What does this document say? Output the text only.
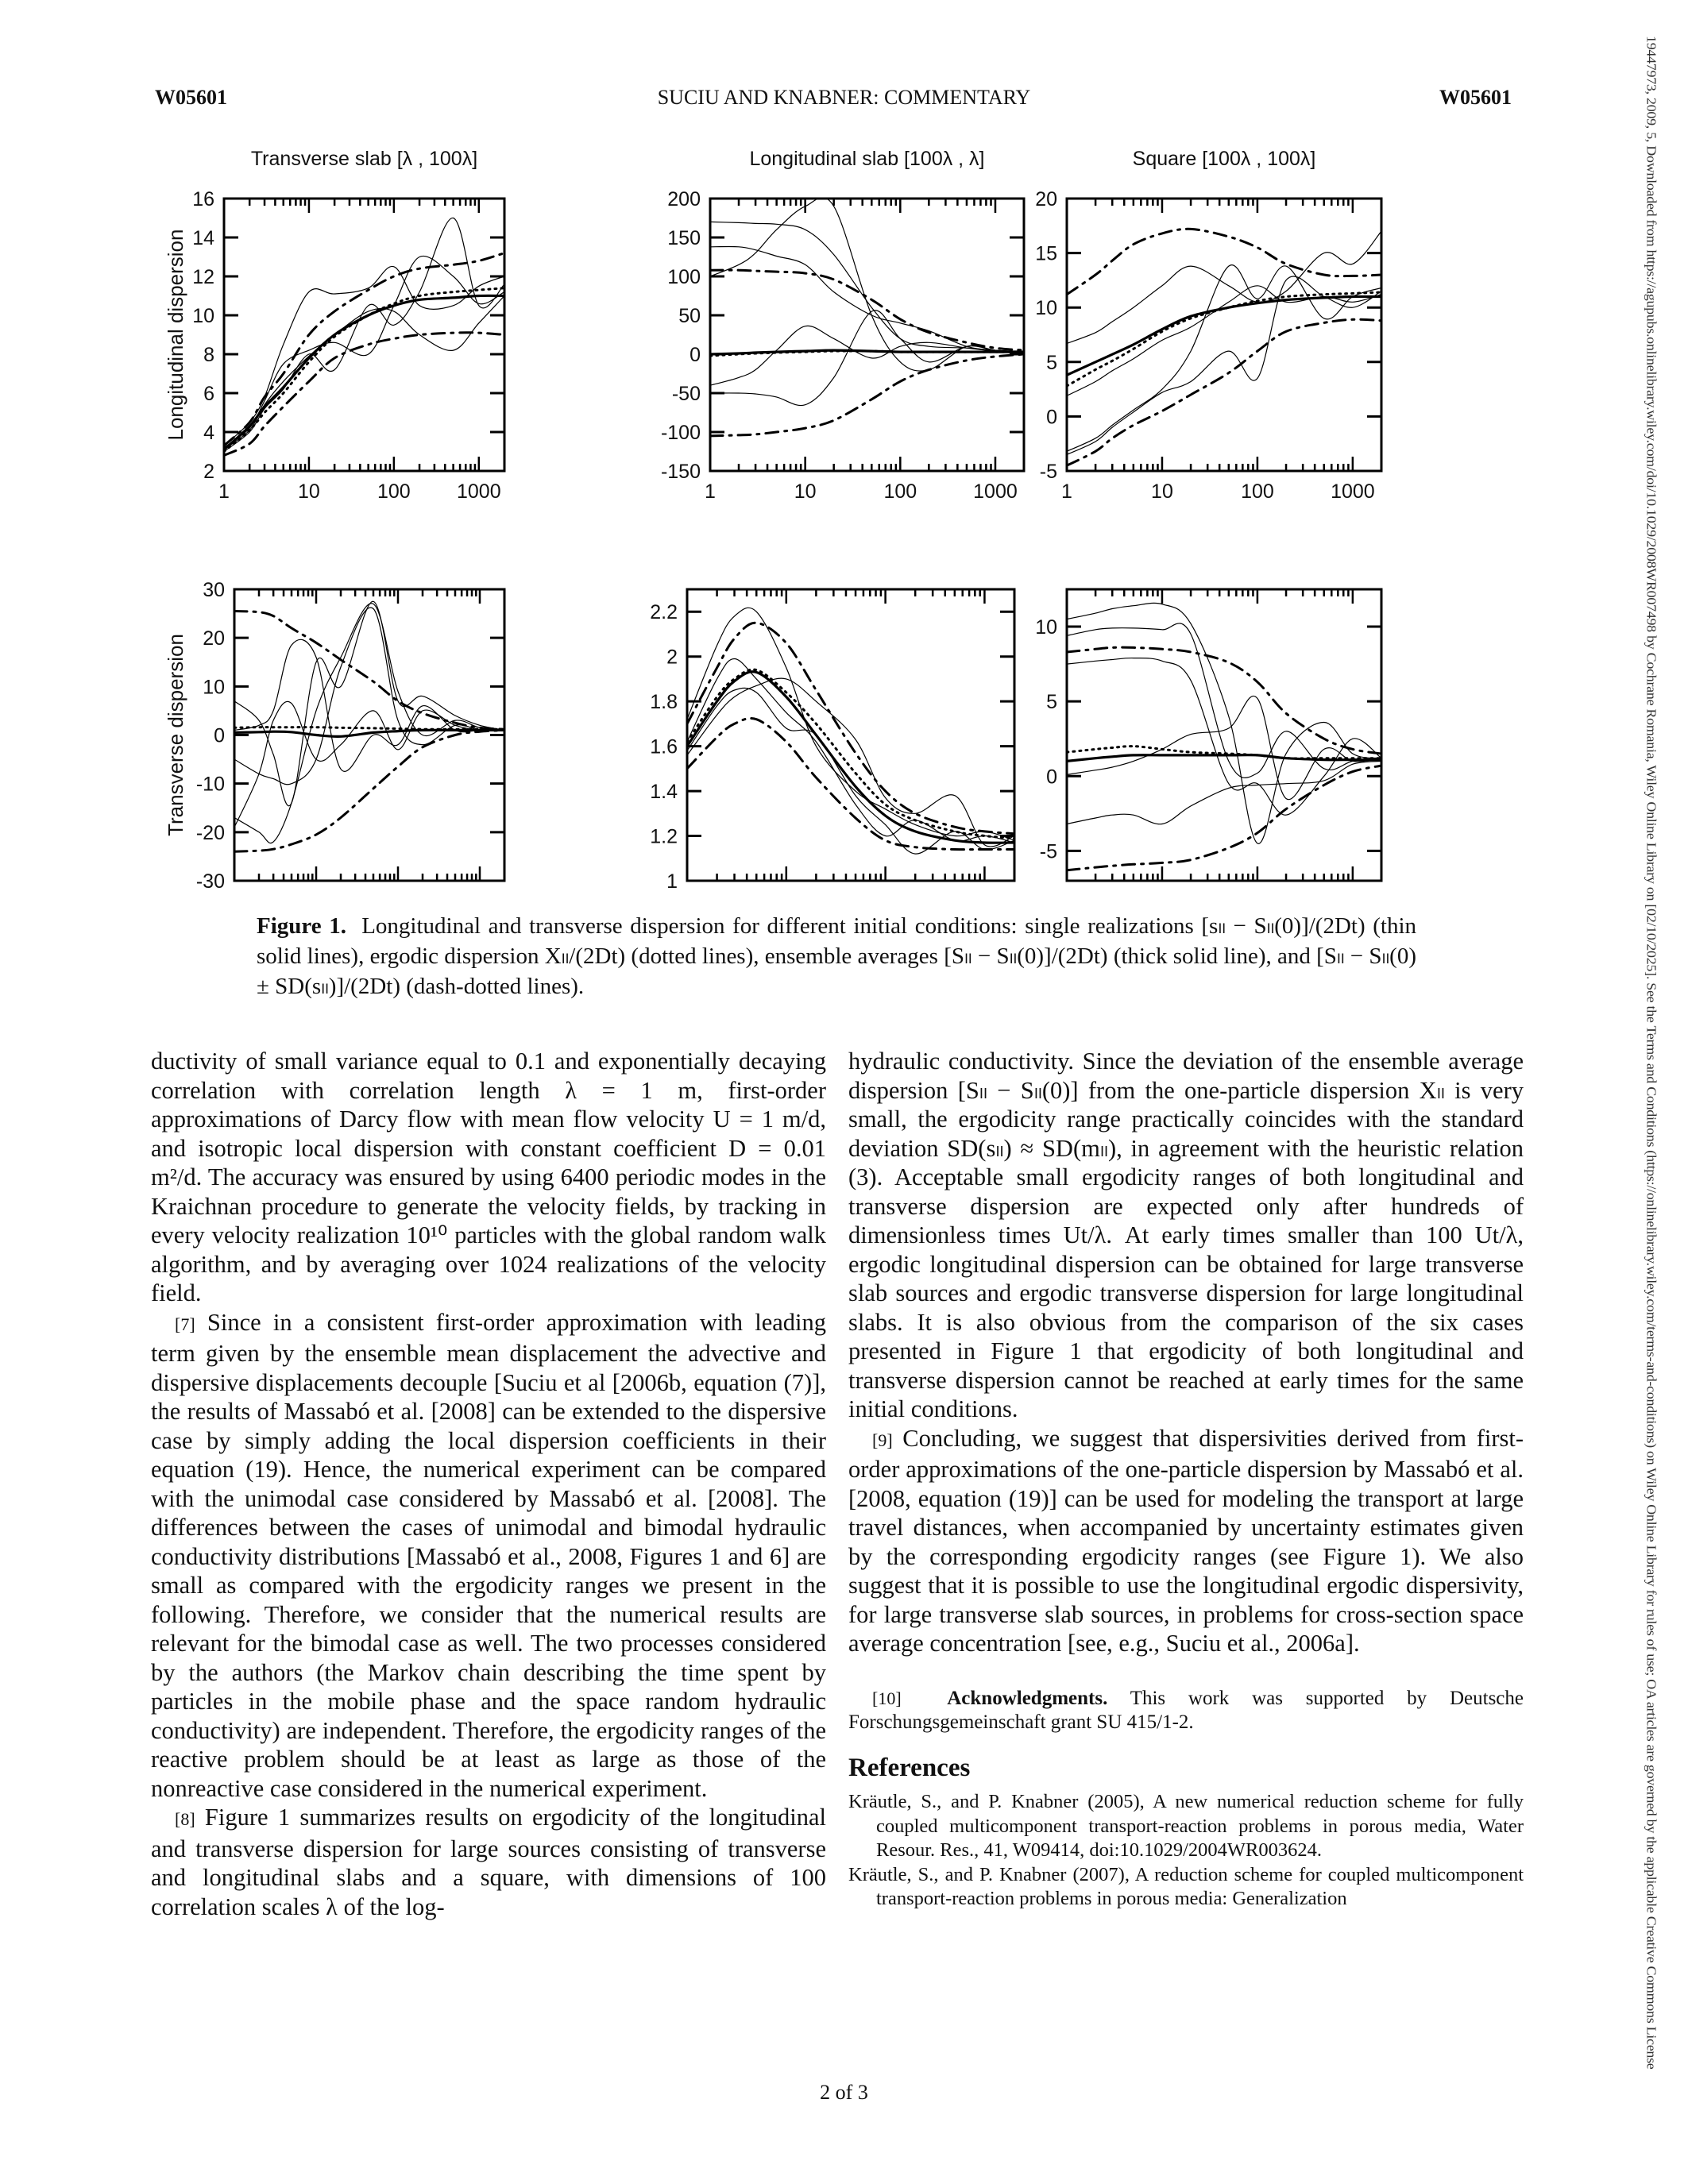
W05601	SUCIU AND KNABNER: COMMENTARY	W05601	19447973, 2009, 5, Downloaded from https://agupubs.onlinelibrary.wiley.com/doi/10.1029/2008WR007498 by Cochrane Romania, Wiley Online Library on [02/10/2025]. See the Terms and Conditions (https://onlinelibrary.wiley.com/terms-and-conditions) on Wiley Online Library for rules of use; OA articles are governed by the applicable Creative Commons License
1	10	100 1000
2
4
6
8
10
12
14
16
Transverse slab [λ , 100λ]
Longitudinal dispersion
1	10	100	1000
-150
-100
-50
0
50
100
150
200
Longitudinal slab [100λ , λ]
1	10	100	1000
-5
0
5
10
15
20
Square [100λ , 100λ]
-30
-20
-10
0
10
20
30
Transverse dispersion
1
1.2
1.4
1.6
1.8
2
2.2
-5
0
5
10
Figure 1. Longitudinal and transverse dispersion for different initial conditions: single realizations [sₗₗ − Sₗₗ(0)]/(2Dt) (thin solid lines), ergodic dispersion Xₗₗ/(2Dt) (dotted lines), ensemble averages [Sₗₗ − Sₗₗ(0)]/(2Dt) (thick solid line), and [Sₗₗ − Sₗₗ(0) ± SD(sₗₗ)]/(2Dt) (dash-dotted lines).

ductivity of small variance equal to 0.1 and exponentially decaying correlation with correlation length λ = 1 m, first-order approximations of Darcy flow with mean flow velocity U = 1 m/d, and isotropic local dispersion with constant coefficient D = 0.01 m²/d. The accuracy was ensured by using 6400 periodic modes in the Kraichnan procedure to generate the velocity fields, by tracking in every velocity realization 10¹⁰ particles with the global random walk algorithm, and by averaging over 1024 realizations of the velocity field.

[7] Since in a consistent first-order approximation with leading term given by the ensemble mean displacement the advective and dispersive displacements decouple [Suciu et al [2006b, equation (7)], the results of Massabó et al. [2008] can be extended to the dispersive case by simply adding the local dispersion coefficients in their equation (19). Hence, the numerical experiment can be compared with the unimodal case considered by Massabó et al. [2008]. The differences between the cases of unimodal and bimodal hydraulic conductivity distributions [Massabó et al., 2008, Figures 1 and 6] are small as compared with the ergodicity ranges we present in the following. Therefore, we consider that the numerical results are relevant for the bimodal case as well. The two processes considered by the authors (the Markov chain describing the time spent by particles in the mobile phase and the space random hydraulic conductivity) are independent. Therefore, the ergodicity ranges of the reactive problem should be at least as large as those of the nonreactive case considered in the numerical experiment.

[8] Figure 1 summarizes results on ergodicity of the longitudinal and transverse dispersion for large sources consisting of transverse and longitudinal slabs and a square, with dimensions of 100 correlation scales λ of the log-

hydraulic conductivity. Since the deviation of the ensemble average dispersion [Sₗₗ − Sₗₗ(0)] from the one-particle dispersion Xₗₗ is very small, the ergodicity range practically coincides with the standard deviation SD(sₗₗ) ≈ SD(mₗₗ), in agreement with the heuristic relation (3). Acceptable small ergodicity ranges of both longitudinal and transverse dispersion are expected only after hundreds of dimensionless times Ut/λ. At early times smaller than 100 Ut/λ, ergodic longitudinal dispersion can be obtained for large transverse slab sources and ergodic transverse dispersion for large longitudinal slabs. It is also obvious from the comparison of the six cases presented in Figure 1 that ergodicity of both longitudinal and transverse dispersion cannot be reached at early times for the same initial conditions.

[9] Concluding, we suggest that dispersivities derived from first-order approximations of the one-particle dispersion by Massabó et al. [2008, equation (19)] can be used for modeling the transport at large travel distances, when accompanied by uncertainty estimates given by the corresponding ergodicity ranges (see Figure 1). We also suggest that it is possible to use the longitudinal ergodic dispersivity, for large transverse slab sources, in problems for cross-section space average concentration [see, e.g., Suciu et al., 2006a].

[10] Acknowledgments. This work was supported by Deutsche Forschungsgemeinschaft grant SU 415/1-2.

References

Kräutle, S., and P. Knabner (2005), A new numerical reduction scheme for fully coupled multicomponent transport-reaction problems in porous media, Water Resour. Res., 41, W09414, doi:10.1029/2004WR003624.

Kräutle, S., and P. Knabner (2007), A reduction scheme for coupled multicomponent transport-reaction problems in porous media: Generalization

2 of 3
